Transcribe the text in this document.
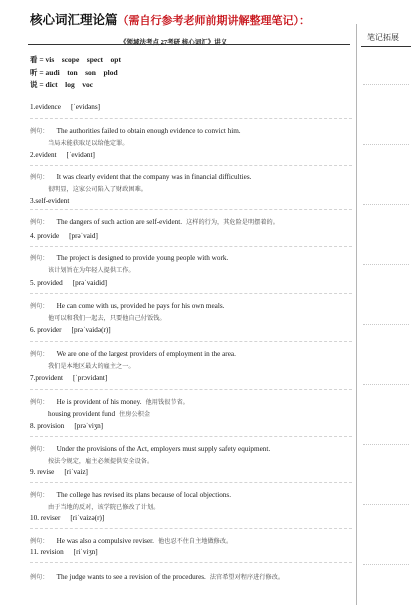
核心词汇理论篇（需自行参考老师前期讲解整理笔记）：
《领域法考点 27考研 核心词汇》讲义
笔记拓展
看 = vis    scope    spect    opt
听 = audi    ton    son    plod
说 = dict    log    voc
1.evidence [ˈevidəns]
例句： The authorities failed to obtain enough evidence to convict him.
当局未能获取足以给他定罪。
2.evident [ˈevidənt]
例句： It was clearly evident that the company was in financial difficulties.
很明显，这家公司陷入了财政困难。
3.self-evident
例句： The dangers of such action are self-evident. 这样的行为，其危险是明摆着的。
4. provide [prəˈvaid]
例句： The project is designed to provide young people with work.
该计划旨在为年轻人提供工作。
5. provided [prəˈvaidid]
例句： He can come with us, provided he pays for his own meals.
他可以和我们一起去，只要他自己付饭钱。
6. provider [prəˈvaidə(r)]
例句： We are one of the largest providers of employment in the area.
我们是本地区最大的雇主之一。
7.provident [ˈprɔvidənt]
例句： He is provident of his money. 他用钱很节省。
housing provident fund 住房公积金
8. provision [prəˈviʒn]
例句： Under the provisions of the Act, employers must supply safety equipment.
按法令规定，雇主必须提供安全设备。
9. revise [riˈvaiz]
例句： The college has revised its plans because of local objections.
由于当地的反对，该学院已修改了计划。
10. reviser [riˈvaizə(r)]
例句： He was also a compulsive reviser. 他也忍不住自主地做修改。
11. revision [riˈviʒn]
例句： The judge wants to see a revision of the procedures. 法官希望对程序进行修改。
